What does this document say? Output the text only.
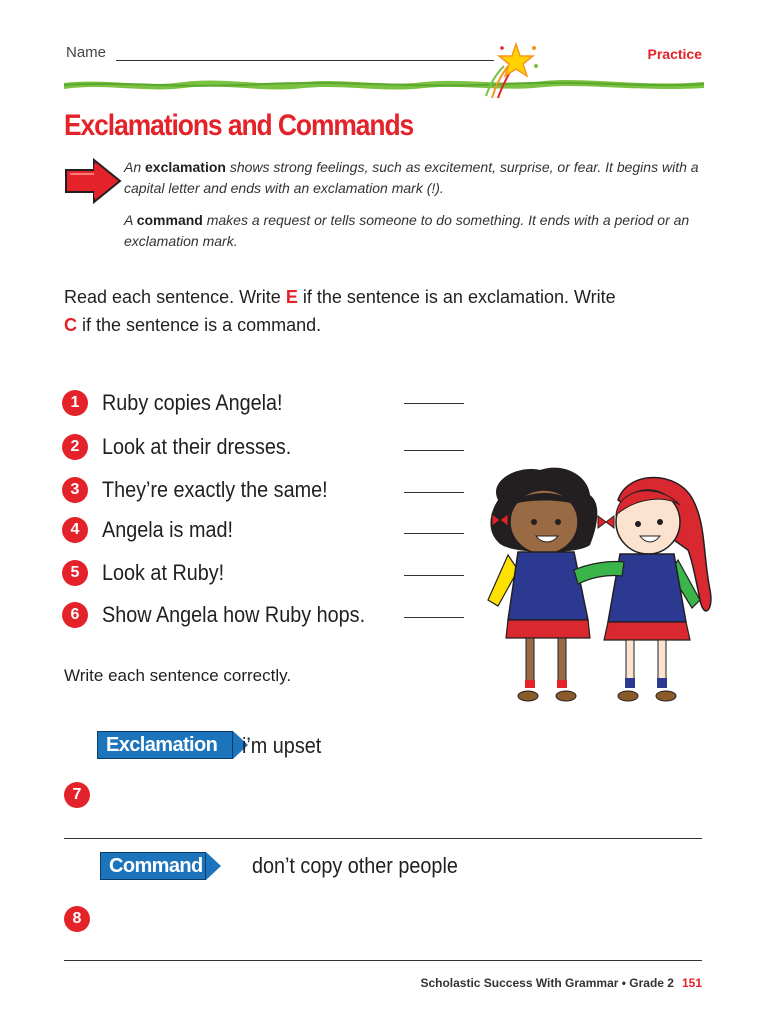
Name	Practice
Exclamations and Commands
An exclamation shows strong feelings, such as excitement, surprise, or fear. It begins with a capital letter and ends with an exclamation mark (!).
A command makes a request or tells someone to do something. It ends with a period or an exclamation mark.
Read each sentence. Write E if the sentence is an exclamation. Write
C if the sentence is a command.
1	Ruby copies Angela!
2	Look at their dresses.
3	They’re exactly the same!
4	Angela is mad!
5	Look at Ruby!
6	Show Angela how Ruby hops.
Write each sentence correctly.
Exclamation	i’m upset
7
Command don’t copy other people
8
Scholastic Success With Grammar • Grade 2 151
